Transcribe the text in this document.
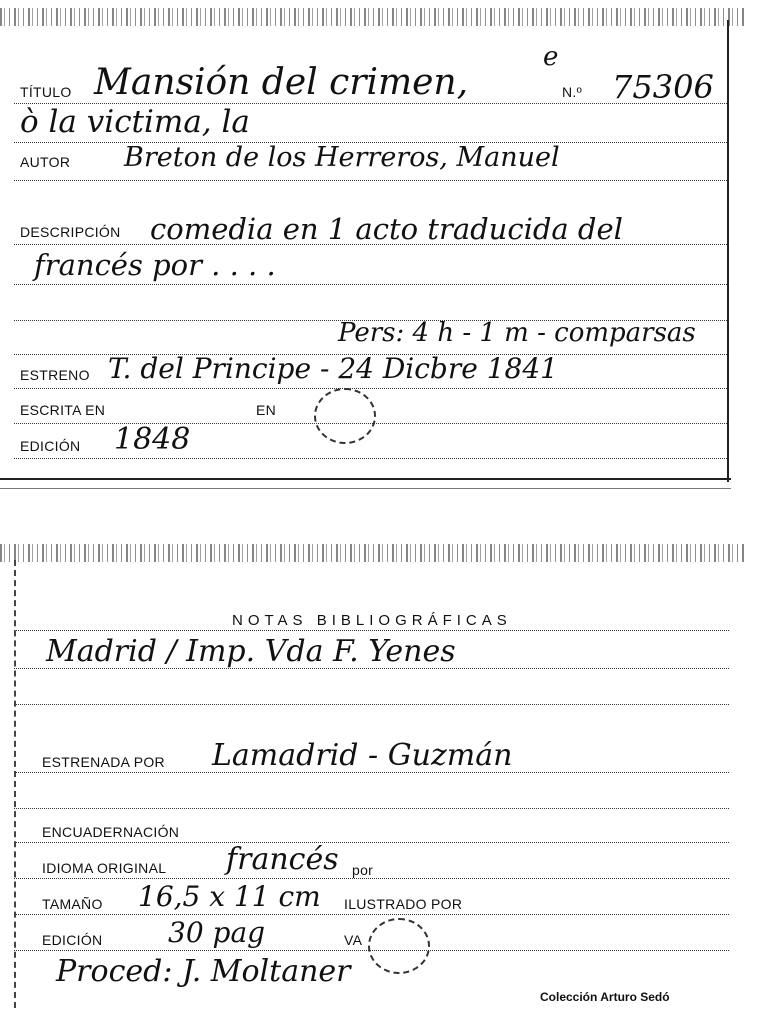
TÍTULO Mansión del crimen,
e
N.º 75306
ò la victima, la
AUTOR Breton de los Herreros, Manuel
DESCRIPCIÓN comedia en 1 acto traducida del
francés por . . . .
Pers: 4 h - 1 m - comparsas
ESTRENO T. del Principe - 24 Dicbre 1841
ESCRITA EN	EN
EDICIÓN 1848
NOTAS BIBLIOGRÁFICAS
Madrid / Imp. Vda F. Yenes
ESTRENADA POR Lamadrid - Guzmán
ENCUADERNACIÓN
IDIOMA ORIGINAL francés por
TAMAÑO 16,5 x 11 cm ILUSTRADO POR
EDICIÓN 30 pag	VA
Proced: J. Moltaner
Colección Arturo Sedó
